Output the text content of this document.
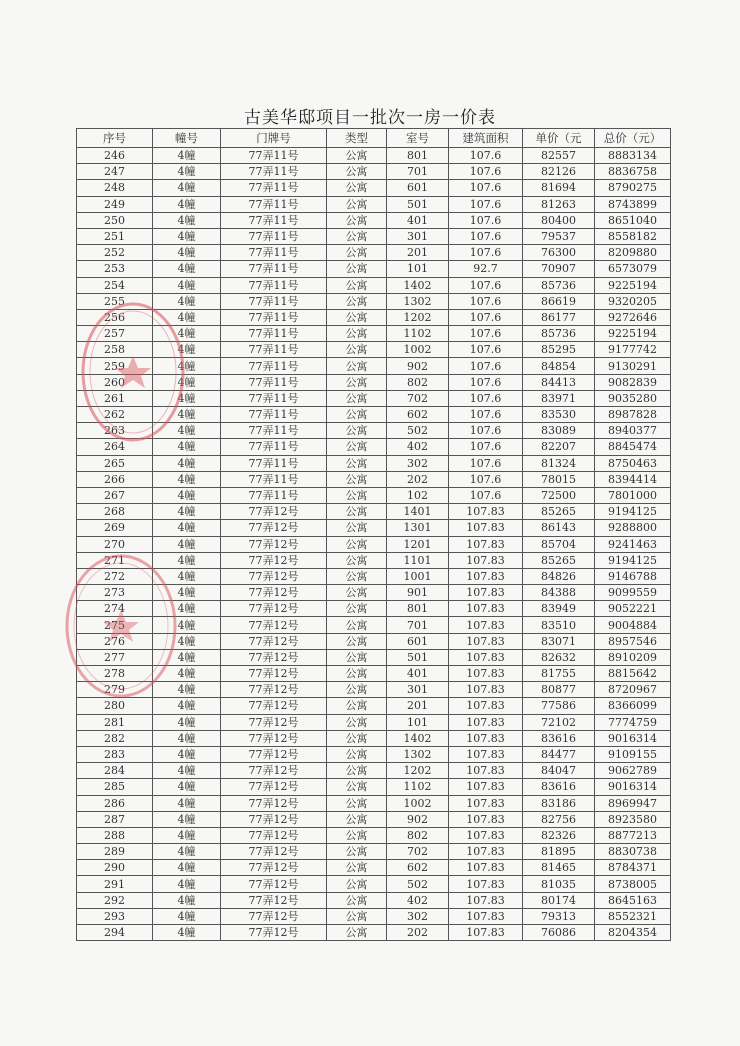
古美华邸项目一批次一房一价表
序号	幢号	门牌号	类型	室号	建筑面积	单价（元	总价（元）
246	4幢	77弄11号	公寓	801	107.6	82557	8883134
247	4幢	77弄11号	公寓	701	107.6	82126	8836758
248	4幢	77弄11号	公寓	601	107.6	81694	8790275
249	4幢	77弄11号	公寓	501	107.6	81263	8743899
250	4幢	77弄11号	公寓	401	107.6	80400	8651040
251	4幢	77弄11号	公寓	301	107.6	79537	8558182
252	4幢	77弄11号	公寓	201	107.6	76300	8209880
253	4幢	77弄11号	公寓	101	92.7	70907	6573079
254	4幢	77弄11号	公寓	1402	107.6	85736	9225194
255	4幢	77弄11号	公寓	1302	107.6	86619	9320205
256	4幢	77弄11号	公寓	1202	107.6	86177	9272646
257	4幢	77弄11号	公寓	1102	107.6	85736	9225194
258	4幢	77弄11号	公寓	1002	107.6	85295	9177742
259	4幢	77弄11号	公寓	902	107.6	84854	9130291
260	4幢	77弄11号	公寓	802	107.6	84413	9082839
261	4幢	77弄11号	公寓	702	107.6	83971	9035280
262	4幢	77弄11号	公寓	602	107.6	83530	8987828
263	4幢	77弄11号	公寓	502	107.6	83089	8940377
264	4幢	77弄11号	公寓	402	107.6	82207	8845474
265	4幢	77弄11号	公寓	302	107.6	81324	8750463
266	4幢	77弄11号	公寓	202	107.6	78015	8394414
267	4幢	77弄11号	公寓	102	107.6	72500	7801000
268	4幢	77弄12号	公寓	1401	107.83	85265	9194125
269	4幢	77弄12号	公寓	1301	107.83	86143	9288800
270	4幢	77弄12号	公寓	1201	107.83	85704	9241463
271	4幢	77弄12号	公寓	1101	107.83	85265	9194125
272	4幢	77弄12号	公寓	1001	107.83	84826	9146788
273	4幢	77弄12号	公寓	901	107.83	84388	9099559
274	4幢	77弄12号	公寓	801	107.83	83949	9052221
275	4幢	77弄12号	公寓	701	107.83	83510	9004884
276	4幢	77弄12号	公寓	601	107.83	83071	8957546
277	4幢	77弄12号	公寓	501	107.83	82632	8910209
278	4幢	77弄12号	公寓	401	107.83	81755	8815642
279	4幢	77弄12号	公寓	301	107.83	80877	8720967
280	4幢	77弄12号	公寓	201	107.83	77586	8366099
281	4幢	77弄12号	公寓	101	107.83	72102	7774759
282	4幢	77弄12号	公寓	1402	107.83	83616	9016314
283	4幢	77弄12号	公寓	1302	107.83	84477	9109155
284	4幢	77弄12号	公寓	1202	107.83	84047	9062789
285	4幢	77弄12号	公寓	1102	107.83	83616	9016314
286	4幢	77弄12号	公寓	1002	107.83	83186	8969947
287	4幢	77弄12号	公寓	902	107.83	82756	8923580
288	4幢	77弄12号	公寓	802	107.83	82326	8877213
289	4幢	77弄12号	公寓	702	107.83	81895	8830738
290	4幢	77弄12号	公寓	602	107.83	81465	8784371
291	4幢	77弄12号	公寓	502	107.83	81035	8738005
292	4幢	77弄12号	公寓	402	107.83	80174	8645163
293	4幢	77弄12号	公寓	302	107.83	79313	8552321
294	4幢	77弄12号	公寓	202	107.83	76086	8204354
